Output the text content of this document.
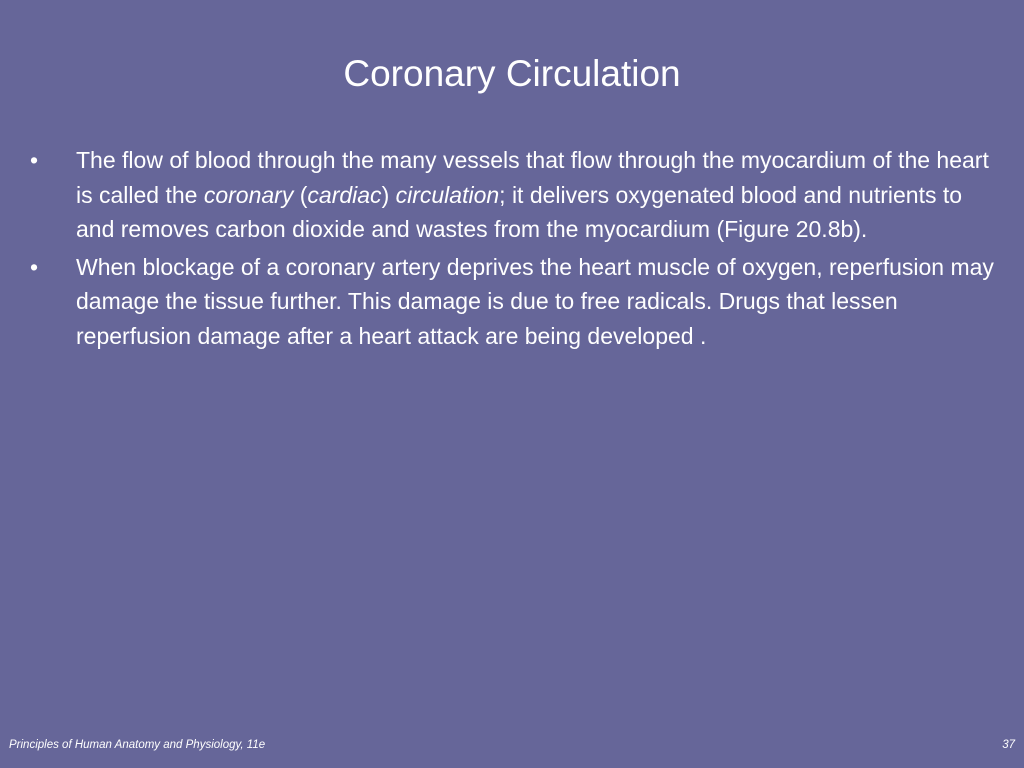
Coronary Circulation
• The flow of blood through the many vessels that flow through the myocardium of the heart is called the coronary (cardiac) circulation; it delivers oxygenated blood and nutrients to and removes carbon dioxide and wastes from the myocardium (Figure 20.8b).
• When blockage of a coronary artery deprives the heart muscle of oxygen, reperfusion may damage the tissue further. This damage is due to free radicals. Drugs that lessen reperfusion damage after a heart attack are being developed .
Principles of Human Anatomy and Physiology, 11e	37
